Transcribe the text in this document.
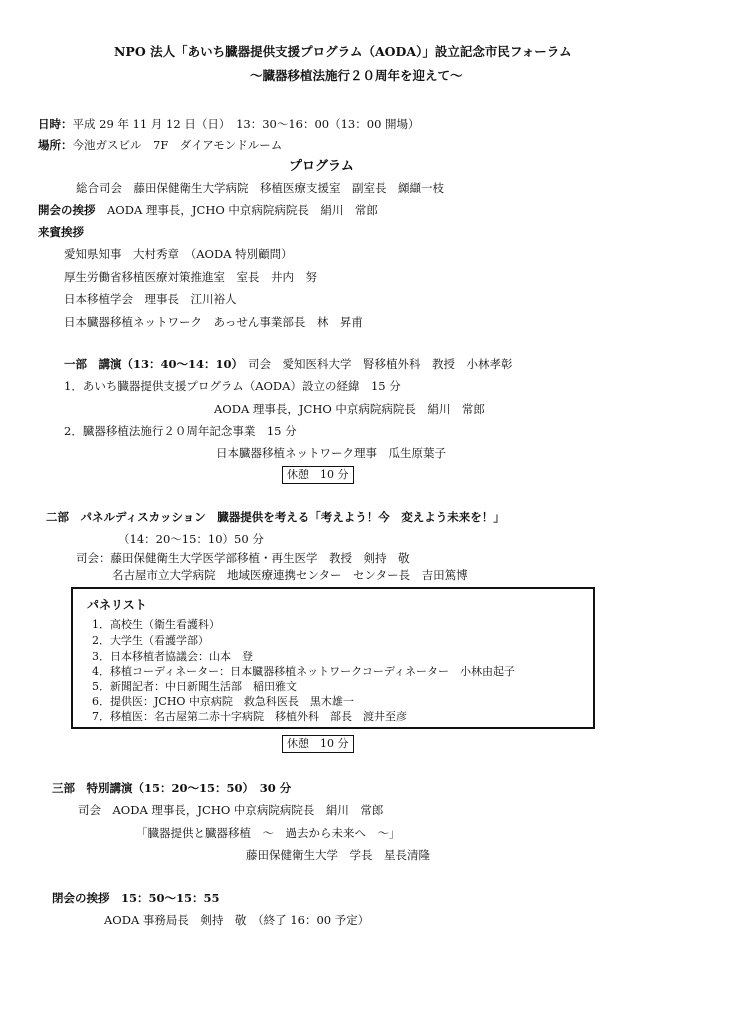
NPO 法人「あいち臓器提供支援プログラム（AODA）」設立記念市民フォーラム
～臓器移植法施行２０周年を迎えて～
日時：平成 29 年 11 月 12 日（日）　13：30～16：00（13：00 開場）
場所：今池ガスビル　7F　ダイアモンドルーム
プログラム
総合司会　藤田保健衛生大学病院　移植医療支援室　副室長　纐纈一枝
開会の挨拶　 AODA 理事長，JCHO 中京病院病院長　絹川　常郎
来賓挨拶
愛知県知事　大村秀章　（AODA 特別顧問）
厚生労働省移植医療対策推進室　室長　井内　努
日本移植学会　理事長　江川裕人
日本臓器移植ネットワーク　あっせん事業部長　林　昇甫
一部　講演（13：40～14：10） 司会　愛知医科大学　腎移植外科　教授　小林孝彰
1．あいち臓器提供支援プログラム（AODA）設立の経緯　15 分
AODA 理事長，JCHO 中京病院病院長　絹川　常郎
2．臓器移植法施行２０周年記念事業　15 分
日本臓器移植ネットワーク理事　瓜生原葉子
休憩　10 分
二部　パネルディスカッション　臓器提供を考える「考えよう！今　変えよう未来を！」
（14：20～15：10）50 分
司会：藤田保健衛生大学医学部移植・再生医学　教授　剣持　敬
名古屋市立大学病院　地域医療連携センター　センター長　吉田篤博
パネリスト
1．高校生（衛生看護科）
2．大学生（看護学部）
3．日本移植者協議会：山本　登
4．移植コーディネーター：日本臓器移植ネットワークコーディネーター　小林由起子
5．新聞記者：中日新聞生活部　稲田雅文
6．提供医：JCHO 中京病院　救急科医長　黒木雄一
7．移植医：名古屋第二赤十字病院　移植外科　部長　渡井至彦
休憩　10 分
三部　特別講演（15：20～15：50）　30 分
司会　AODA 理事長，JCHO 中京病院病院長　絹川　常郎
「臓器提供と臓器移植　～　過去から未来へ　～」
藤田保健衛生大学　学長　星長清隆
閉会の挨拶　15：50～15：55
AODA 事務局長　剣持　敬　（終了 16：00 予定）
